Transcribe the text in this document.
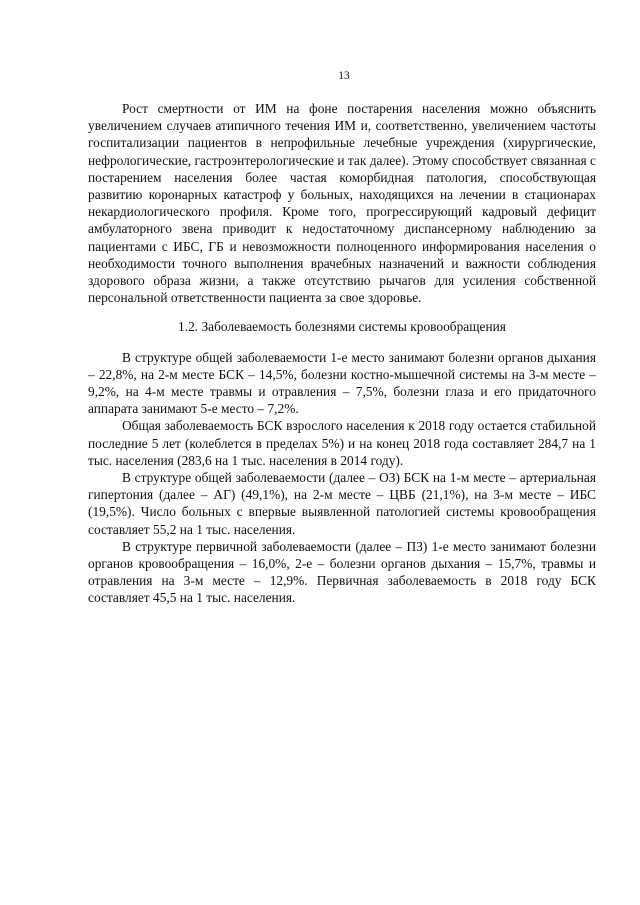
13

Рост смертности от ИМ на фоне постарения населения можно объяснить увеличением случаев атипичного течения ИМ и, соответственно, увеличением частоты госпитализации пациентов в непрофильные лечебные учреждения (хирургические, нефрологические, гастроэнтерологические и так далее). Этому способствует связанная с постарением населения более частая коморбидная патология, способствующая развитию коронарных катастроф у больных, находящихся на лечении в стационарах некардиологического профиля. Кроме того, прогрессирующий кадровый дефицит амбулаторного звена приводит к недостаточному диспансерному наблюдению за пациентами с ИБС, ГБ и невозможности полноценного информирования населения о необходимости точного выполнения врачебных назначений и важности соблюдения здорового образа жизни, а также отсутствию рычагов для усиления собственной персональной ответственности пациента за свое здоровье.

1.2. Заболеваемость болезнями системы кровообращения

В структуре общей заболеваемости 1-е место занимают болезни органов дыхания – 22,8%, на 2-м месте БСК – 14,5%, болезни костно-мышечной системы на 3-м месте – 9,2%, на 4-м месте травмы и отравления – 7,5%, болезни глаза и его придаточного аппарата занимают 5-е место – 7,2%.

Общая заболеваемость БСК взрослого населения к 2018 году остается стабильной последние 5 лет (колеблется в пределах 5%) и на конец 2018 года составляет 284,7 на 1 тыс. населения (283,6 на 1 тыс. населения в 2014 году).

В структуре общей заболеваемости (далее – ОЗ) БСК на 1-м месте – артериальная гипертония (далее – АГ) (49,1%), на 2-м месте – ЦВБ (21,1%), на 3-м месте – ИБС (19,5%). Число больных с впервые выявленной патологией системы кровообращения составляет 55,2 на 1 тыс. населения.

В структуре первичной заболеваемости (далее – ПЗ) 1-е место занимают болезни органов кровообращения – 16,0%, 2-е – болезни органов дыхания – 15,7%, травмы и отравления на 3-м месте – 12,9%. Первичная заболеваемость в 2018 году БСК составляет 45,5 на 1 тыс. населения.
